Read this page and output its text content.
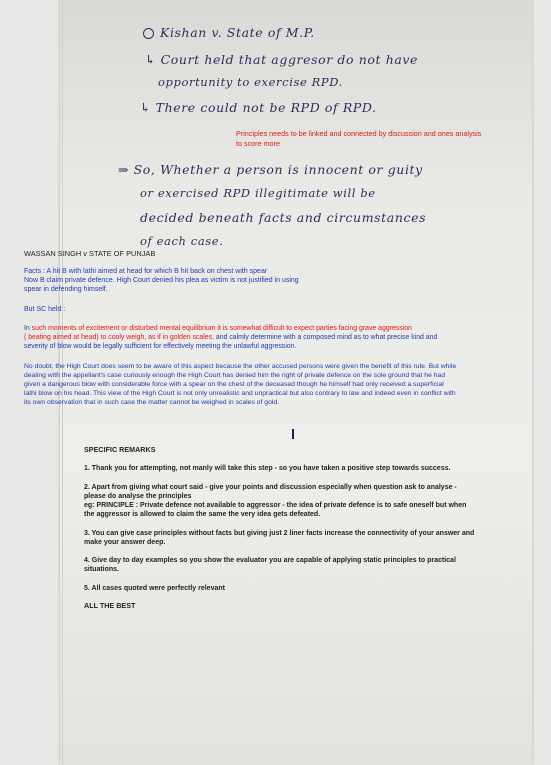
Kishan v. State of M.P.
↳ Court held that aggresor do not have
opportunity to exercise RPD.
↳ There could not be RPD of RPD.
Principles needs to be linked and connected by discussion and ones analysis
to score more
⇒ So, Whether a person is innocent or guity
or exercised RPD illegitimate will be
decided beneath facts and circumstances
of each case.
WASSAN SINGH v STATE OF PUNJAB
Facts : A hit B with lathi aimed at head for which B hit back on chest with spear
Now B claim private defence. High Court denied his plea as victim is not justified in using
spear in defending himself.
But SC held :
In such moments of excitement or disturbed mental equilibrium it is somewhat difficult to expect parties facing grave aggression
( beating aimed at head) to cooly weigh, as if in golden scales, and calmly determine with a composed mind as to what precise kind and
severity of blow would be legally sufficient for effectively meeting the unlawful aggression.
No doubt, the High Court does seem to be aware of this aspect because the other accused persons were given the benefit of this rule. But while
dealing with the appellant's case curiously enough the High Court has denied him the right of private defence on the sole ground that he had
given a dangerous blow with considerable force with a spear on the chest of the deceased though he himself had only received a superficial
lathi blow on his head. This view of the High Court is not only unrealistic and unpractical but also contrary to law and indeed even in conflict with
its own observation that in such case the matter cannot be weighed in scales of gold.
SPECIFIC REMARKS
1. Thank you for attempting, not manly will take this step - so you have taken a positive step towards success.
2. Apart from giving what court said - give your points and discussion especially when question ask to analyse -
please do analyse the principles
eg: PRINCIPLE : Private defence not available to aggressor - the idea of private defence is to safe oneself but when
the aggressor is allowed to claim the same the very idea gets defeated.
3. You can give case principles without facts but giving just 2 liner facts increase the connectivity of your answer and
make your answer deep.
4. Give day to day examples so you show the evaluator you are capable of applying static principles to practical
situations.
5. All cases quoted were perfectly relevant
ALL THE BEST
